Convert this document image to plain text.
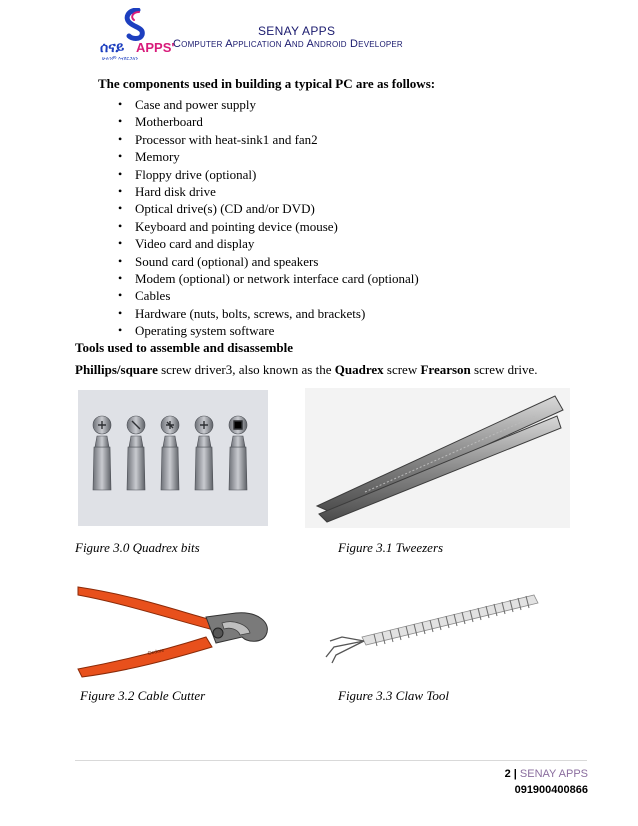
ሰናይ APPS'
ሁሉንም እናደርጋለን
SENAY APPS
Computer Application And Android Developer
The components used in building a typical PC are as follows:
• Case and power supply
• Motherboard
• Processor with heat-sink1 and fan2
• Memory
• Floppy drive (optional)
• Hard disk drive
• Optical drive(s) (CD and/or DVD)
• Keyboard and pointing device (mouse)
• Video card and display
• Sound card (optional) and speakers
• Modem (optional) or network interface card (optional)
• Cables
• Hardware (nuts, bolts, screws, and brackets)
• Operating system software
Tools used to assemble and disassemble
Phillips/square screw driver3, also known as the Quadrex screw Frearson screw drive.
Figure 3.0 Quadrex bits	Figure 3.1 Tweezers
Gedore
Figure 3.2 Cable Cutter	Figure 3.3 Claw Tool
2 | SENAY APPS
091900400866
